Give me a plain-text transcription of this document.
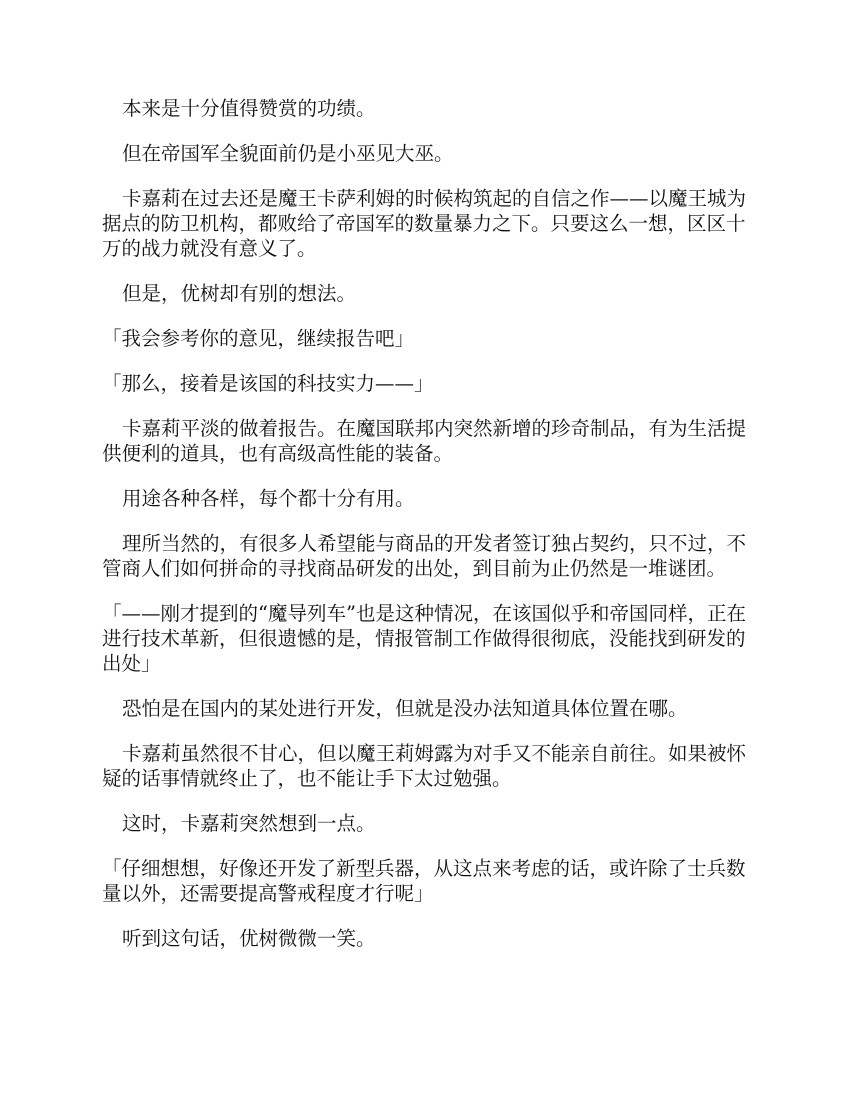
本来是十分值得赞赏的功绩。

但在帝国军全貌面前仍是小巫见大巫。

卡嘉莉在过去还是魔王卡萨利姆的时候构筑起的自信之作——以魔王城为据点的防卫机构，都败给了帝国军的数量暴力之下。只要这么一想，区区十万的战力就没有意义了。

但是，优树却有别的想法。

「我会参考你的意见，继续报告吧」

「那么，接着是该国的科技实力——」

卡嘉莉平淡的做着报告。在魔国联邦内突然新增的珍奇制品，有为生活提供便利的道具，也有高级高性能的装备。

用途各种各样，每个都十分有用。

理所当然的，有很多人希望能与商品的开发者签订独占契约，只不过，不管商人们如何拼命的寻找商品研发的出处，到目前为止仍然是一堆谜团。

「——刚才提到的“魔导列车”也是这种情况，在该国似乎和帝国同样，正在进行技术革新，但很遗憾的是，情报管制工作做得很彻底，没能找到研发的出处」

恐怕是在国内的某处进行开发，但就是没办法知道具体位置在哪。

卡嘉莉虽然很不甘心，但以魔王莉姆露为对手又不能亲自前往。如果被怀疑的话事情就终止了，也不能让手下太过勉强。

这时，卡嘉莉突然想到一点。

「仔细想想，好像还开发了新型兵器，从这点来考虑的话，或许除了士兵数量以外，还需要提高警戒程度才行呢」

听到这句话，优树微微一笑。
